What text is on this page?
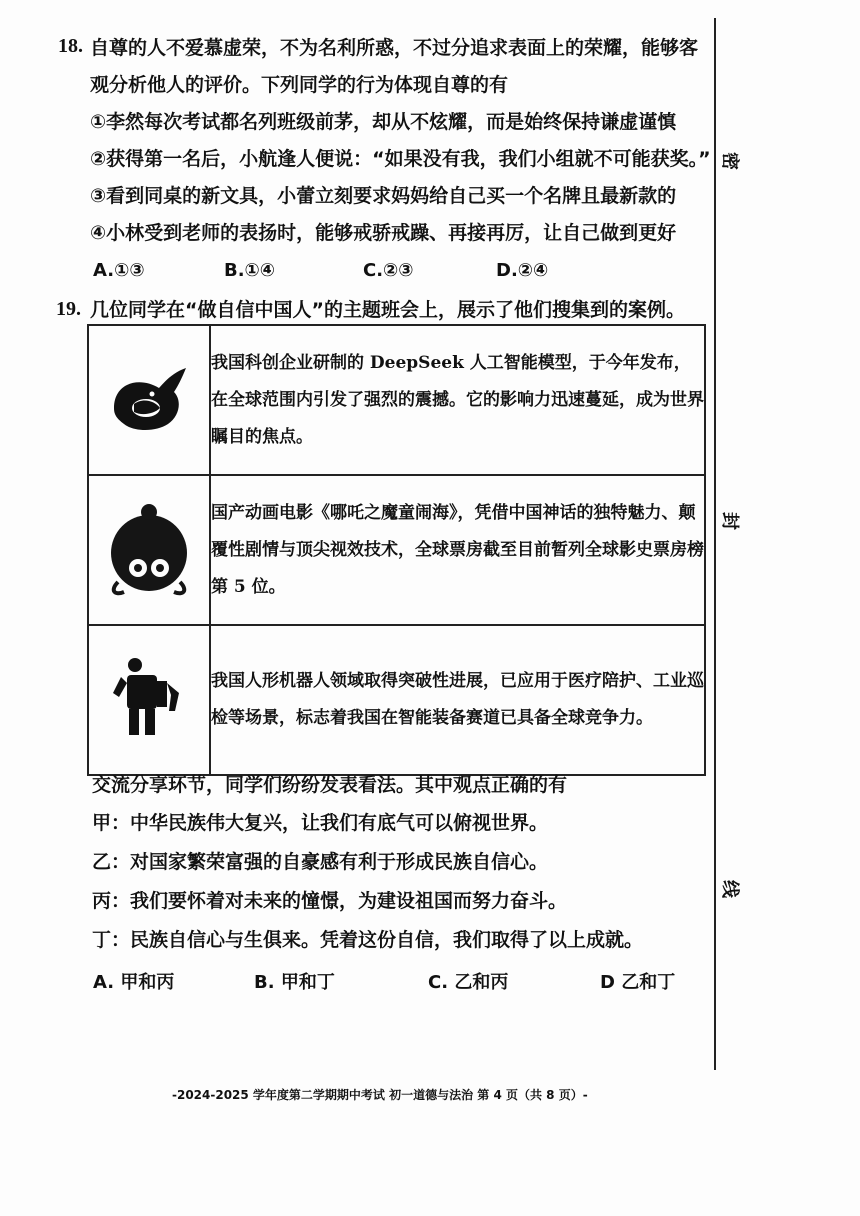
密
封
线
18. 自尊的人不爱慕虚荣，不为名利所惑，不过分追求表面上的荣耀，能够客
观分析他人的评价。下列同学的行为体现自尊的有
①李然每次考试都名列班级前茅，却从不炫耀，而是始终保持谦虚谨慎
②获得第一名后，小航逢人便说：“如果没有我，我们小组就不可能获奖。”
③看到同桌的新文具，小蕾立刻要求妈妈给自己买一个名牌且最新款的
④小林受到老师的表扬时，能够戒骄戒躁、再接再厉，让自己做到更好
A.①③	B.①④	C.②③	D.②④
19. 几位同学在“做自信中国人”的主题班会上，展示了他们搜集到的案例。
	我国科创企业研制的 DeepSeek 人工智能模型，于今年发布，在全球范围内引发了强烈的震撼。它的影响力迅速蔓延，成为世界瞩目的焦点。
	国产动画电影《哪吒之魔童闹海》，凭借中国神话的独特魅力、颠覆性剧情与顶尖视效技术，全球票房截至目前暂列全球影史票房榜第 5 位。
	我国人形机器人领域取得突破性进展，已应用于医疗陪护、工业巡检等场景，标志着我国在智能装备赛道已具备全球竞争力。
交流分享环节，同学们纷纷发表看法。其中观点正确的有
甲：中华民族伟大复兴，让我们有底气可以俯视世界。
乙：对国家繁荣富强的自豪感有利于形成民族自信心。
丙：我们要怀着对未来的憧憬，为建设祖国而努力奋斗。
丁：民族自信心与生俱来。凭着这份自信，我们取得了以上成就。
A. 甲和丙	B. 甲和丁	C. 乙和丙	D 乙和丁
-2024-2025 学年度第二学期期中考试 初一道德与法治 第 4 页（共 8 页）-
